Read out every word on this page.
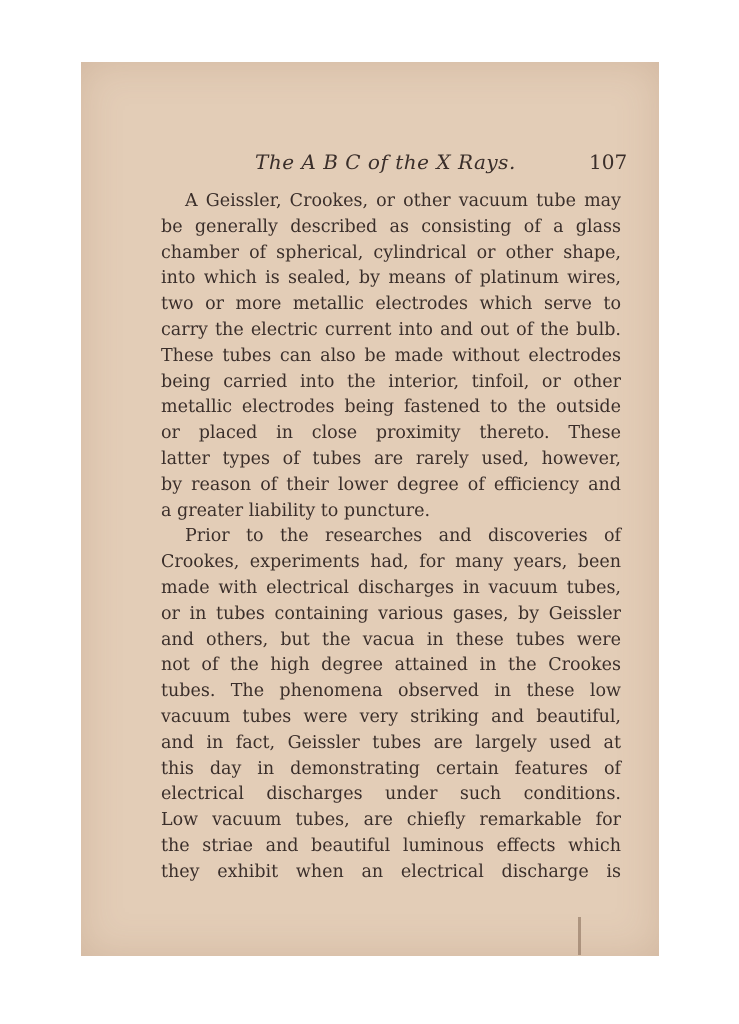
The A B C of the X Rays.	107
A Geissler, Crookes, or other vacuum tube may
be generally described as consisting of a glass
chamber of spherical, cylindrical or other shape,
into which is sealed, by means of platinum wires,
two or more metallic electrodes which serve to
carry the electric current into and out of the bulb.
These tubes can also be made without electrodes
being carried into the interior, tinfoil, or other
metallic electrodes being fastened to the outside
or placed in close proximity thereto. These
latter types of tubes are rarely used, however,
by reason of their lower degree of efficiency and
a greater liability to puncture.
Prior to the researches and discoveries of
Crookes, experiments had, for many years, been
made with electrical discharges in vacuum tubes,
or in tubes containing various gases, by Geissler
and others, but the vacua in these tubes were
not of the high degree attained in the Crookes
tubes. The phenomena observed in these low
vacuum tubes were very striking and beautiful,
and in fact, Geissler tubes are largely used at
this day in demonstrating certain features of
electrical discharges under such conditions.
Low vacuum tubes, are chiefly remarkable for
the striae and beautiful luminous effects which
they exhibit when an electrical discharge is
